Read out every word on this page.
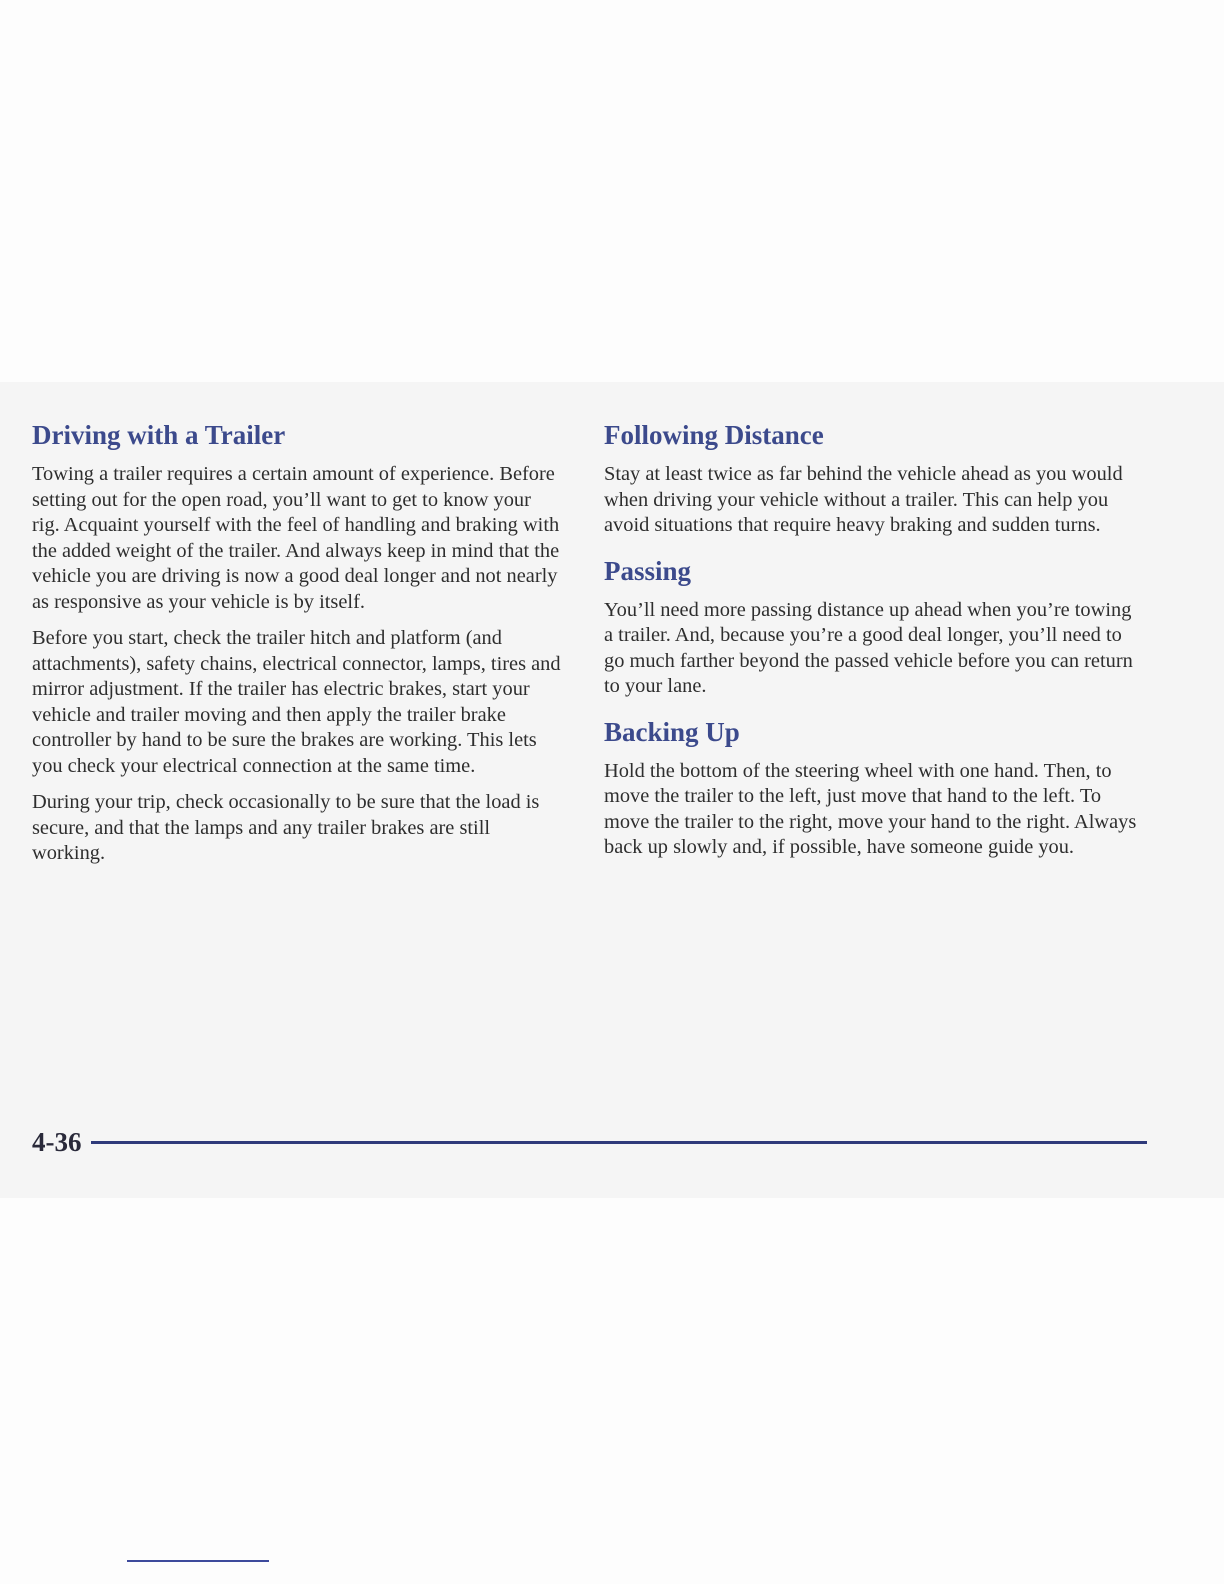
Driving with a Trailer

Towing a trailer requires a certain amount of experience. Before setting out for the open road, you’ll want to get to know your rig. Acquaint yourself with the feel of handling and braking with the added weight of the trailer. And always keep in mind that the vehicle you are driving is now a good deal longer and not nearly as responsive as your vehicle is by itself.

Before you start, check the trailer hitch and platform (and attachments), safety chains, electrical connector, lamps, tires and mirror adjustment. If the trailer has electric brakes, start your vehicle and trailer moving and then apply the trailer brake controller by hand to be sure the brakes are working. This lets you check your electrical connection at the same time.

During your trip, check occasionally to be sure that the load is secure, and that the lamps and any trailer brakes are still working.

Following Distance

Stay at least twice as far behind the vehicle ahead as you would when driving your vehicle without a trailer. This can help you avoid situations that require heavy braking and sudden turns.

Passing

You’ll need more passing distance up ahead when you’re towing a trailer. And, because you’re a good deal longer, you’ll need to go much farther beyond the passed vehicle before you can return to your lane.

Backing Up

Hold the bottom of the steering wheel with one hand. Then, to move the trailer to the left, just move that hand to the left. To move the trailer to the right, move your hand to the right. Always back up slowly and, if possible, have someone guide you.

4-36
